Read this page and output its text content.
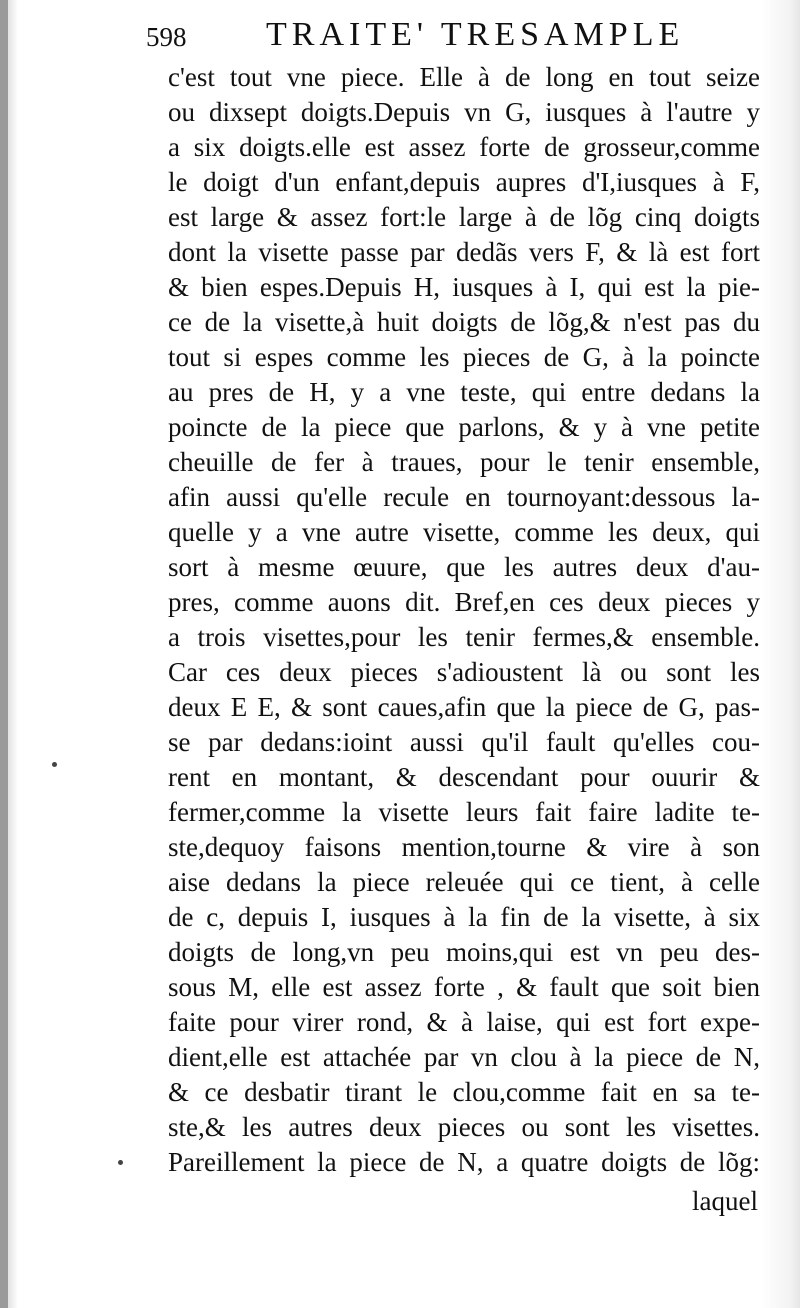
598 TRAITE' TRESAMPLE
c'est tout vne piece. Elle à de long en tout seize
ou dixsept doigts.Depuis vn G, iusques à l'autre y
a six doigts.elle est assez forte de grosseur,comme
le doigt d'un enfant,depuis aupres d'I,iusques à F,
est large & assez fort:le large à de lõg cinq doigts
dont la visette passe par dedãs vers F, & là est fort
& bien espes.Depuis H, iusques à I, qui est la pie-
ce de la visette,à huit doigts de lõg,& n'est pas du
tout si espes comme les pieces de G, à la poincte
au pres de H, y a vne teste, qui entre dedans la
poincte de la piece que parlons, & y à vne petite
cheuille de fer à traues, pour le tenir ensemble,
afin aussi qu'elle recule en tournoyant:dessous la-
quelle y a vne autre visette, comme les deux, qui
sort à mesme œuure, que les autres deux d'au-
pres, comme auons dit. Bref,en ces deux pieces y
a trois visettes,pour les tenir fermes,& ensemble.
Car ces deux pieces s'adioustent là ou sont les
deux E E, & sont caues,afin que la piece de G, pas-
se par dedans:ioint aussi qu'il fault qu'elles cou-
rent en montant, & descendant pour ouurir &
fermer,comme la visette leurs fait faire ladite te-
ste,dequoy faisons mention,tourne & vire à son
aise dedans la piece releuée qui ce tient, à celle
de c, depuis I, iusques à la fin de la visette, à six
doigts de long,vn peu moins,qui est vn peu des-
sous M, elle est assez forte , & fault que soit bien
faite pour virer rond, & à laise, qui est fort expe-
dient,elle est attachée par vn clou à la piece de N,
& ce desbatir tirant le clou,comme fait en sa te-
ste,& les autres deux pieces ou sont les visettes.
Pareillement la piece de N, a quatre doigts de lõg:
laquel
